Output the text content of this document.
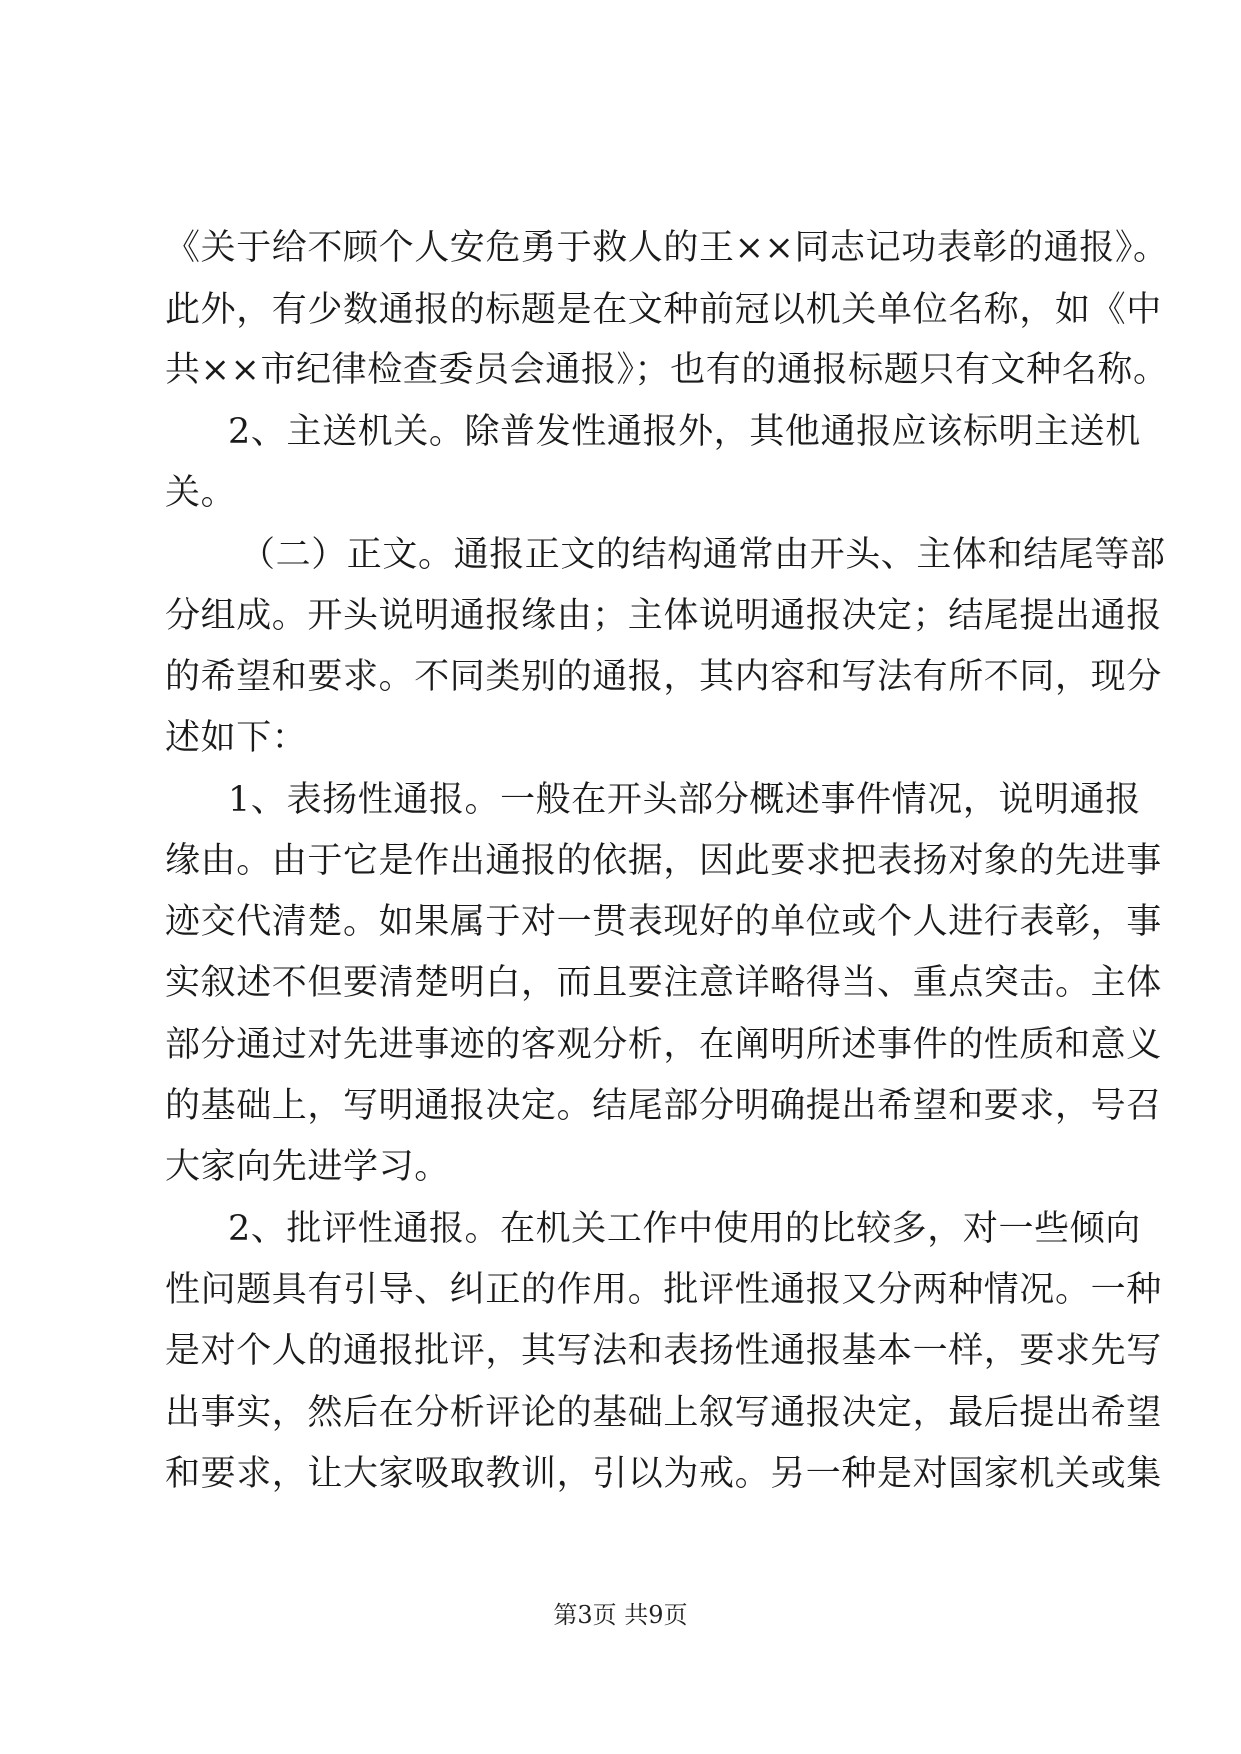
《关于给不顾个人安危勇于救人的王××同志记功表彰的通报》。
此外，有少数通报的标题是在文种前冠以机关单位名称，如《中
共××市纪律检查委员会通报》；也有的通报标题只有文种名称。
2、主送机关。除普发性通报外，其他通报应该标明主送机
关。
（二）正文。通报正文的结构通常由开头、主体和结尾等部
分组成。开头说明通报缘由；主体说明通报决定；结尾提出通报
的希望和要求。不同类别的通报，其内容和写法有所不同，现分
述如下：
1、表扬性通报。一般在开头部分概述事件情况，说明通报
缘由。由于它是作出通报的依据，因此要求把表扬对象的先进事
迹交代清楚。如果属于对一贯表现好的单位或个人进行表彰，事
实叙述不但要清楚明白，而且要注意详略得当、重点突击。主体
部分通过对先进事迹的客观分析，在阐明所述事件的性质和意义
的基础上，写明通报决定。结尾部分明确提出希望和要求，号召
大家向先进学习。
2、批评性通报。在机关工作中使用的比较多，对一些倾向
性问题具有引导、纠正的作用。批评性通报又分两种情况。一种
是对个人的通报批评，其写法和表扬性通报基本一样，要求先写
出事实，然后在分析评论的基础上叙写通报决定，最后提出希望
和要求，让大家吸取教训，引以为戒。另一种是对国家机关或集
第3页 共9页
